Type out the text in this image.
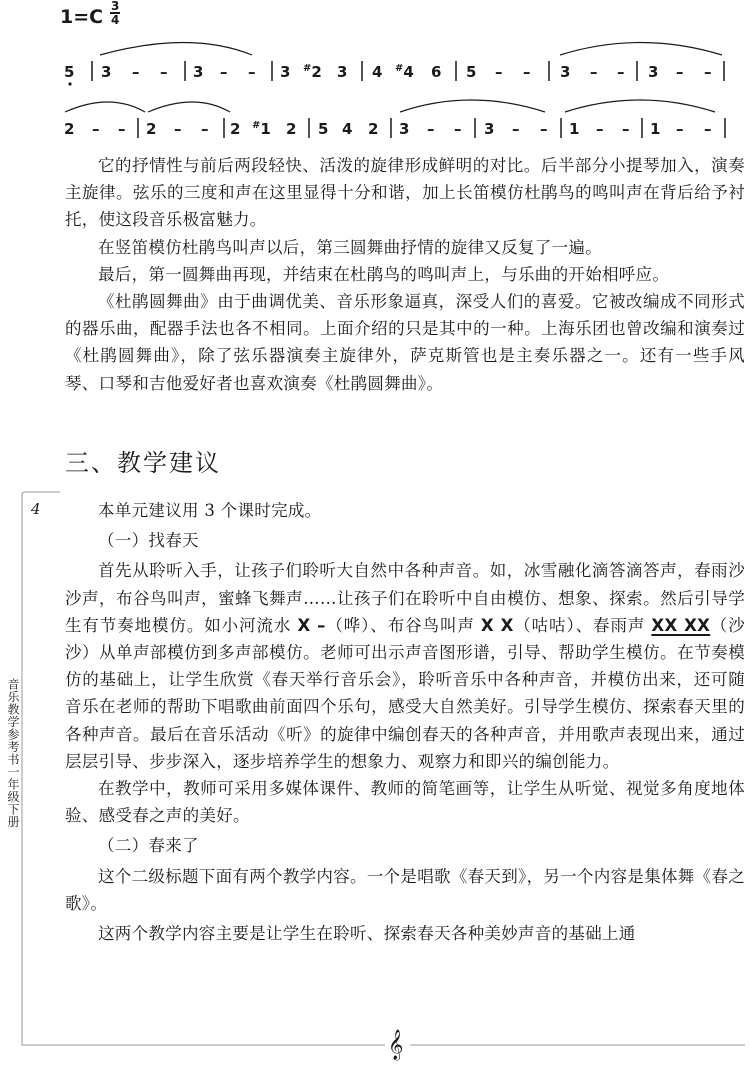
1=C 3
4
5 3 – – 3 – – 3 #2 3 4 #4 6 5 – – 3 – – 3 – –
2 – – 2 – – 2 #1 2 5 4 2 3 – – 3 – – 1 – – 1 – –

它的抒情性与前后两段轻快、活泼的旋律形成鲜明的对比。后半部分小提琴加入，演奏主旋律。弦乐的三度和声在这里显得十分和谐，加上长笛模仿杜鹃鸟的鸣叫声在背后给予衬托，使这段音乐极富魅力。

在竖笛模仿杜鹃鸟叫声以后，第三圆舞曲抒情的旋律又反复了一遍。

最后，第一圆舞曲再现，并结束在杜鹃鸟的鸣叫声上，与乐曲的开始相呼应。

《杜鹃圆舞曲》由于曲调优美、音乐形象逼真，深受人们的喜爱。它被改编成不同形式的器乐曲，配器手法也各不相同。上面介绍的只是其中的一种。上海乐团也曾改编和演奏过《杜鹃圆舞曲》，除了弦乐器演奏主旋律外，萨克斯管也是主奏乐器之一。还有一些手风琴、口琴和吉他爱好者也喜欢演奏《杜鹃圆舞曲》。

三、教学建议
4
音乐教学参考书一年级下册
𝄞

本单元建议用 3 个课时完成。

（一）找春天

首先从聆听入手，让孩子们聆听大自然中各种声音。如，冰雪融化滴答滴答声，春雨沙沙声，布谷鸟叫声，蜜蜂飞舞声……让孩子们在聆听中自由模仿、想象、探索。然后引导学生有节奏地模仿。如小河流水 X –（哗）、布谷鸟叫声 X X（咕咕）、春雨声 XX XX（沙沙）从单声部模仿到多声部模仿。老师可出示声音图形谱，引导、帮助学生模仿。在节奏模仿的基础上，让学生欣赏《春天举行音乐会》，聆听音乐中各种声音，并模仿出来，还可随音乐在老师的帮助下唱歌曲前面四个乐句，感受大自然美好。引导学生模仿、探索春天里的各种声音。最后在音乐活动《听》的旋律中编创春天的各种声音，并用歌声表现出来，通过层层引导、步步深入，逐步培养学生的想象力、观察力和即兴的编创能力。

在教学中，教师可采用多媒体课件、教师的简笔画等，让学生从听觉、视觉多角度地体验、感受春之声的美好。

（二）春来了

这个二级标题下面有两个教学内容。一个是唱歌《春天到》，另一个内容是集体舞《春之歌》。

这两个教学内容主要是让学生在聆听、探索春天各种美妙声音的基础上通
